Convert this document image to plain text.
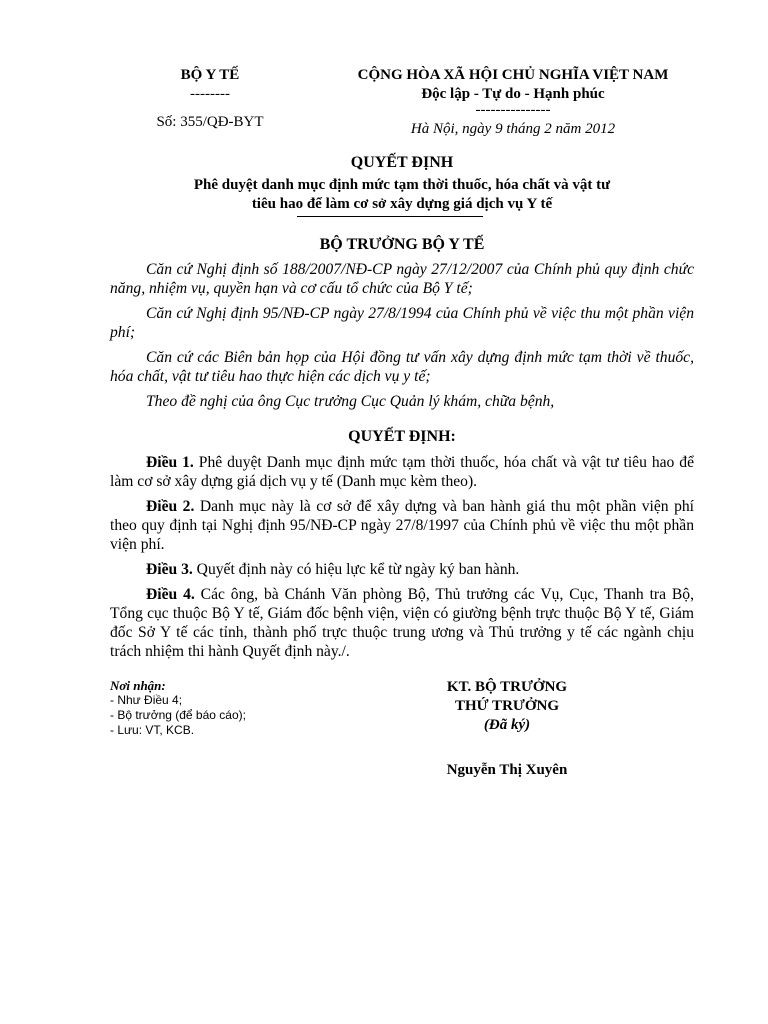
BỘ Y TẾ
--------
Số: 355/QĐ-BYT
CỘNG HÒA XÃ HỘI CHỦ NGHĨA VIỆT NAM
Độc lập - Tự do - Hạnh phúc
---------------
Hà Nội, ngày 9 tháng 2 năm 2012
QUYẾT ĐỊNH
Phê duyệt danh mục định mức tạm thời thuốc, hóa chất và vật tư
tiêu hao để làm cơ sở xây dựng giá dịch vụ Y tế
BỘ TRƯỞNG BỘ Y TẾ

Căn cứ Nghị định số 188/2007/NĐ-CP ngày 27/12/2007 của Chính phủ quy định chức năng, nhiệm vụ, quyền hạn và cơ cấu tổ chức của Bộ Y tế;

Căn cứ Nghị định 95/NĐ-CP ngày 27/8/1994 của Chính phủ về việc thu một phần viện phí;

Căn cứ các Biên bản họp của Hội đồng tư vấn xây dựng định mức tạm thời về thuốc, hóa chất, vật tư tiêu hao thực hiện các dịch vụ y tế;

Theo đề nghị của ông Cục trưởng Cục Quản lý khám, chữa bệnh,

QUYẾT ĐỊNH:

Điều 1. Phê duyệt Danh mục định mức tạm thời thuốc, hóa chất và vật tư tiêu hao để làm cơ sở xây dựng giá dịch vụ y tế (Danh mục kèm theo).

Điều 2. Danh mục này là cơ sở để xây dựng và ban hành giá thu một phần viện phí theo quy định tại Nghị định 95/NĐ-CP ngày 27/8/1997 của Chính phủ về việc thu một phần viện phí.

Điều 3. Quyết định này có hiệu lực kể từ ngày ký ban hành.

Điều 4. Các ông, bà Chánh Văn phòng Bộ, Thủ trưởng các Vụ, Cục, Thanh tra Bộ, Tổng cục thuộc Bộ Y tế, Giám đốc bệnh viện, viện có giường bệnh trực thuộc Bộ Y tế, Giám đốc Sở Y tế các tỉnh, thành phố trực thuộc trung ương và Thủ trưởng y tế các ngành chịu trách nhiệm thi hành Quyết định này./.

Nơi nhận:
- Như Điều 4;
- Bộ trưởng (để báo cáo);
- Lưu: VT, KCB.
KT. BỘ TRƯỞNG
THỨ TRƯỞNG
(Đã ký)
Nguyễn Thị Xuyên
